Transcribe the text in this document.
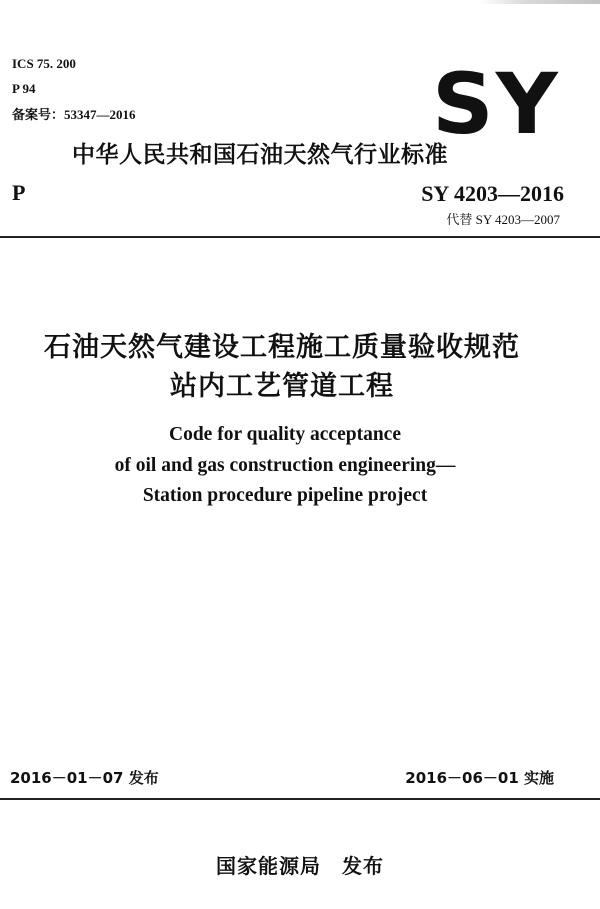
ICS 75. 200
P 94
备案号：53347—2016	SY
中华人民共和国石油天然气行业标准
P	SY 4203—2016
代替 SY 4203—2007
石油天然气建设工程施工质量验收规范
站内工艺管道工程
Code for quality acceptance
of oil and gas construction engineering—
Station procedure pipeline project
2016－01－07 发布	2016－06－01 实施
国家能源局　发布
